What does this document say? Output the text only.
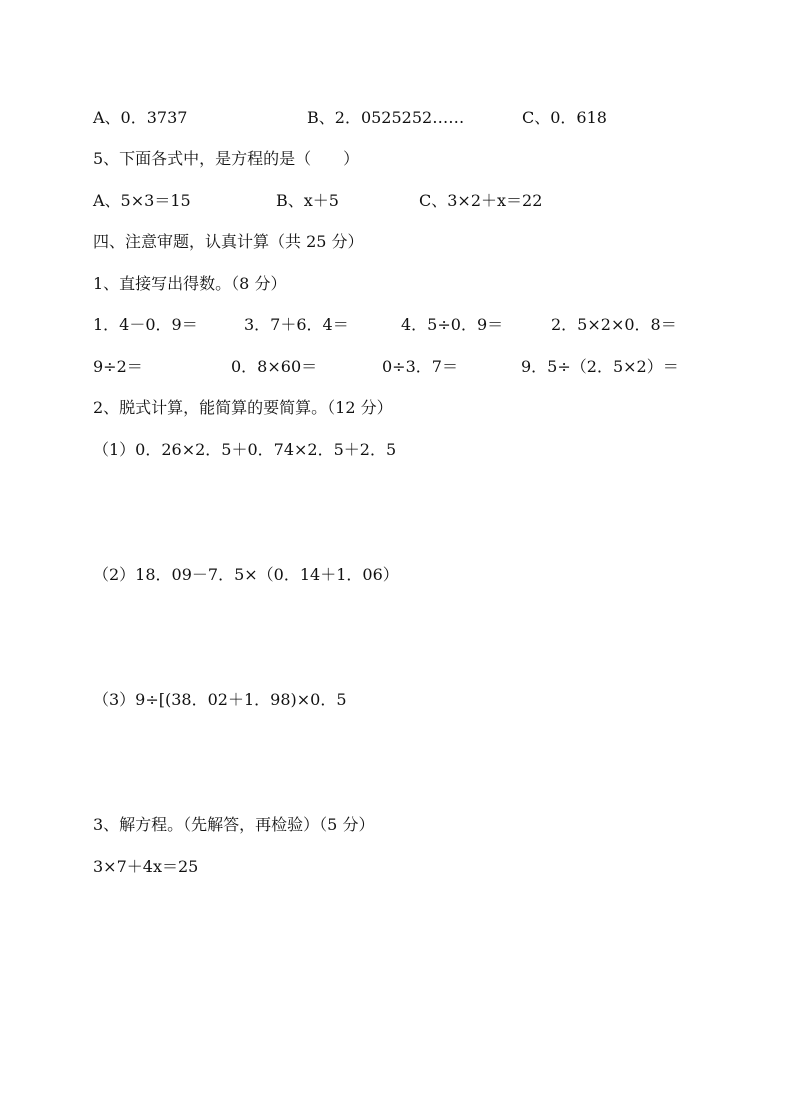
A、0．3737	B、2．0525252……	C、0．618
5、下面各式中，是方程的是（　　）
A、5×3＝15	B、x＋5	C、3×2＋x＝22
四、注意审题，认真计算（共 25 分）
1、直接写出得数。（8 分）
1．4－0．9＝	3．7＋6．4＝	4．5÷0．9＝	2．5×2×0．8＝
9÷2＝	0．8×60＝	0÷3．7＝	9．5÷（2．5×2）＝
2、脱式计算，能简算的要简算。（12 分）
（1）0．26×2．5＋0．74×2．5＋2．5
（2）18．09－7．5×（0．14＋1．06）
（3）9÷[(38．02＋1．98)×0．5
3、解方程。（先解答，再检验）（5 分）
3×7＋4x＝25
